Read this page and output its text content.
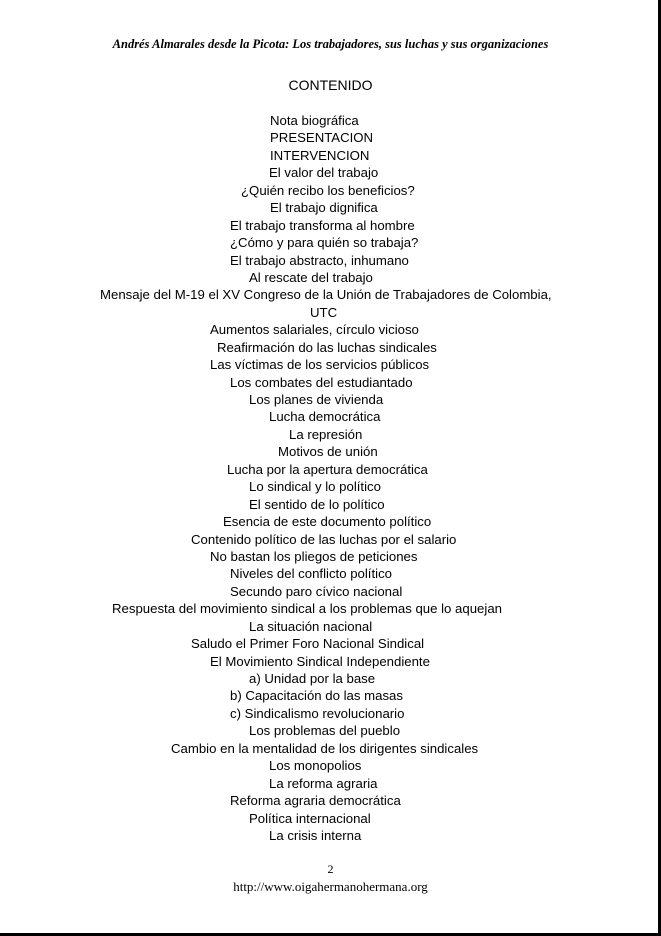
Andrés Almarales desde la Picota: Los trabajadores, sus luchas y sus organizaciones
CONTENIDO
Nota biográfica
PRESENTACION
INTERVENCION
El valor del trabajo
¿Quién recibo los beneficios?
El trabajo dignifica
El trabajo transforma al hombre
¿Cómo y para quién so trabaja?
El trabajo abstracto, inhumano
Al rescate del trabajo
Mensaje del M-19 el XV Congreso de la Unión de Trabajadores de Colombia,
UTC
Aumentos salariales, círculo vicioso
Reafirmación do las luchas sindicales
Las víctimas de los servicios públicos
Los combates del estudiantado
Los planes de vivienda
Lucha democrática
La represión
Motivos de unión
Lucha por la apertura democrática
Lo sindical y lo político
El sentido de lo político
Esencia de este documento político
Contenido político de las luchas por el salario
No bastan los pliegos de peticiones
Niveles del conflicto político
Secundo paro cívico nacional
Respuesta del movimiento sindical a los problemas que lo aquejan
La situación nacional
Saludo el Primer Foro Nacional Sindical
El Movimiento Sindical Independiente
a) Unidad por la base
b) Capacitación do las masas
c) Sindicalismo revolucionario
Los problemas del pueblo
Cambio en la mentalidad de los dirigentes sindicales
Los monopolios
La reforma agraria
Reforma agraria democrática
Política internacional
La crisis interna
2
http://www.oigahermanohermana.org
